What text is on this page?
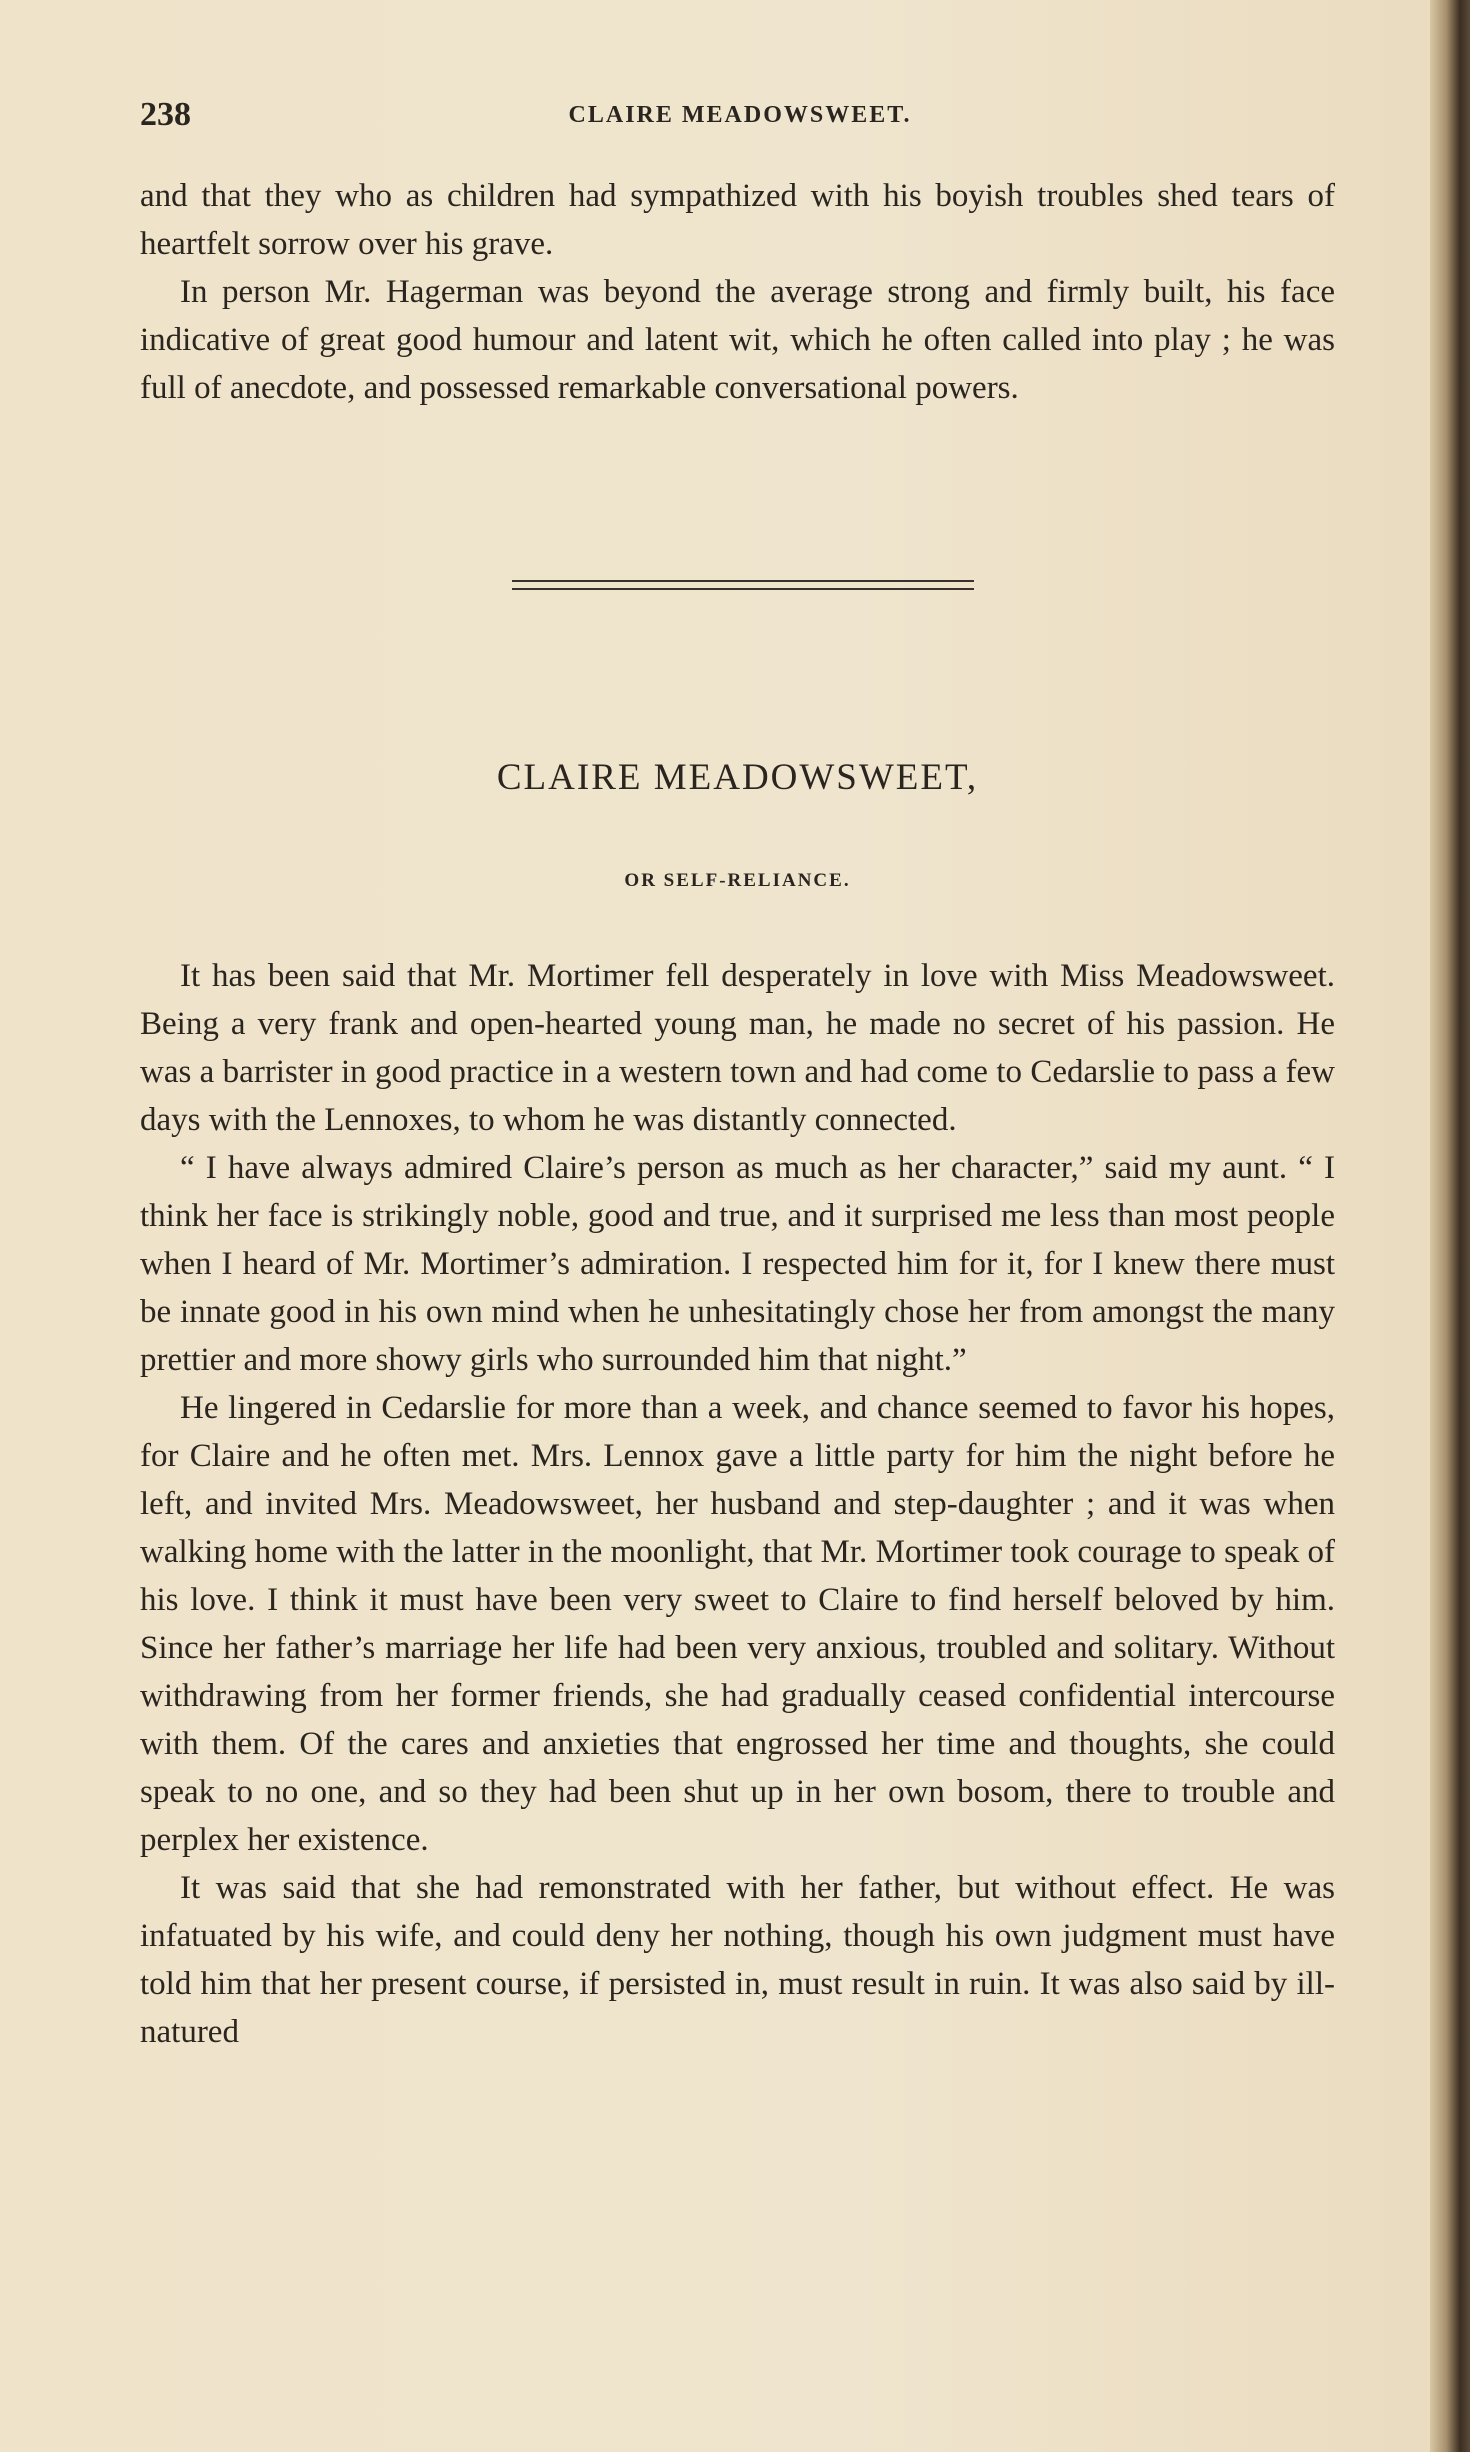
238	CLAIRE MEADOWSWEET.

and that they who as children had sympathized with his boyish troubles shed tears of heartfelt sorrow over his grave.

In person Mr. Hagerman was beyond the average strong and firmly built, his face indicative of great good humour and latent wit, which he often called into play ; he was full of anecdote, and possessed remarkable conversational powers.

CLAIRE MEADOWSWEET,
OR SELF-RELIANCE.

It has been said that Mr. Mortimer fell desperately in love with Miss Meadowsweet. Being a very frank and open-hearted young man, he made no secret of his passion. He was a barrister in good practice in a western town and had come to Cedarslie to pass a few days with the Lennoxes, to whom he was distantly connected.

“ I have always admired Claire’s person as much as her character,” said my aunt. “ I think her face is strikingly noble, good and true, and it surprised me less than most people when I heard of Mr. Mortimer’s admiration. I respected him for it, for I knew there must be innate good in his own mind when he unhesitatingly chose her from amongst the many prettier and more showy girls who surrounded him that night.”

He lingered in Cedarslie for more than a week, and chance seemed to favor his hopes, for Claire and he often met. Mrs. Lennox gave a little party for him the night before he left, and invited Mrs. Meadowsweet, her husband and step-daughter ; and it was when walking home with the latter in the moonlight, that Mr. Mortimer took courage to speak of his love. I think it must have been very sweet to Claire to find herself beloved by him. Since her father’s marriage her life had been very anxious, troubled and solitary. Without withdrawing from her former friends, she had gradually ceased confidential intercourse with them. Of the cares and anxieties that engrossed her time and thoughts, she could speak to no one, and so they had been shut up in her own bosom, there to trouble and perplex her existence.

It was said that she had remonstrated with her father, but without effect. He was infatuated by his wife, and could deny her nothing, though his own judgment must have told him that her present course, if persisted in, must result in ruin. It was also said by ill-natured
